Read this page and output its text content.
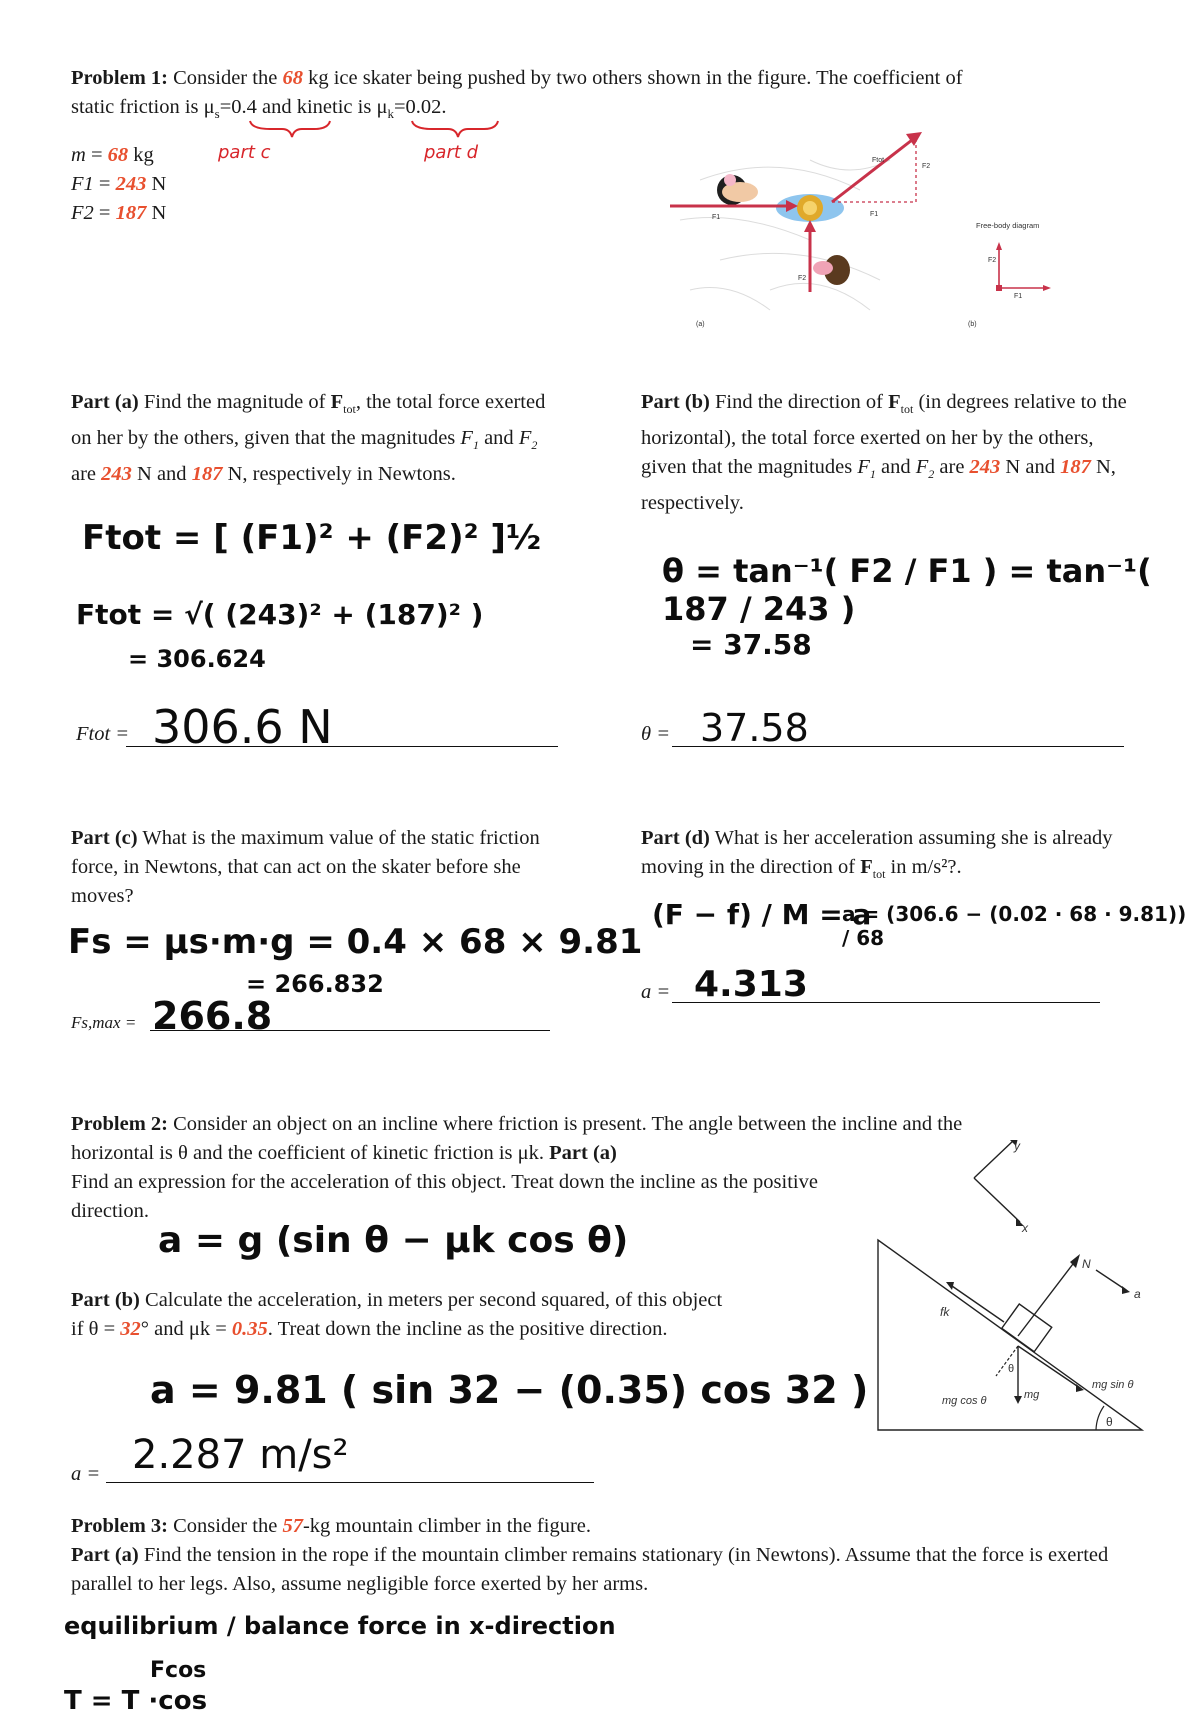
Problem 1: Consider the 68 kg ice skater being pushed by two others shown in the figure. The coefficient of
static friction is $\mu_s=0.4$ and kinetic is $\mu_k=0.02$.
part c	part d
m = 68 kg
F1 = 243 N
F2 = 187 N
Ftot
F2
F1
F1
F2
(a)
Free-body diagram
F2
F1
(b)
Part (a) Find the magnitude of $F_{tot}$, the total force exerted on her by the others, given that the magnitudes $F_1$ and $F_2$ are 243 N and 187 N, respectively in Newtons.
Ftot = [ (F1)² + (F2)² ]½
Ftot = √( (243)² + (187)² )
= 306.624
Ftot = 306.6 N
Part (b) Find the direction of $F_{tot}$ (in degrees relative to the horizontal), the total force exerted on her by the others, given that the magnitudes $F_1$ and $F_2$ are 243 N and 187 N, respectively.
θ = tan⁻¹( F2 / F1 ) = tan⁻¹( 187 / 243 )
= 37.58
θ = 37.58
Part (c) What is the maximum value of the static friction force, in Newtons, that can act on the skater before she moves?
Fs = μs·m·g = 0.4 × 68 × 9.81
= 266.832
Fs,max = 266.8
Part (d) What is her acceleration assuming she is already moving in the direction of $F_{tot}$ in m/s²?.
(F − f) / M = a
a = (306.6 − (0.02 · 68 · 9.81)) / 68
a = 4.313
Problem 2: Consider an object on an incline where friction is present. The angle between the incline and the
horizontal is θ and the coefficient of kinetic friction is μk. Part (a)
Find an expression for the acceleration of this object. Treat down the incline as the positive direction.
a = g (sin θ − μk cos θ)
Part (b) Calculate the acceleration, in meters per second squared, of this object
if θ = 32° and μk = 0.35. Treat down the incline as the positive direction.
a = 9.81 ( sin 32 − (0.35) cos 32 )
a = 2.287 m/s²
y
x
N
fk
a
mg
mg cos θ
mg sin θ
θ
θ
Problem 3: Consider the 57-kg mountain climber in the figure.
Part (a) Find the tension in the rope if the mountain climber remains stationary (in Newtons). Assume that the force is exerted parallel to her legs. Also, assume negligible force exerted by her arms.
equilibrium / balance force in x-direction
Fcos
T = T ·cos
